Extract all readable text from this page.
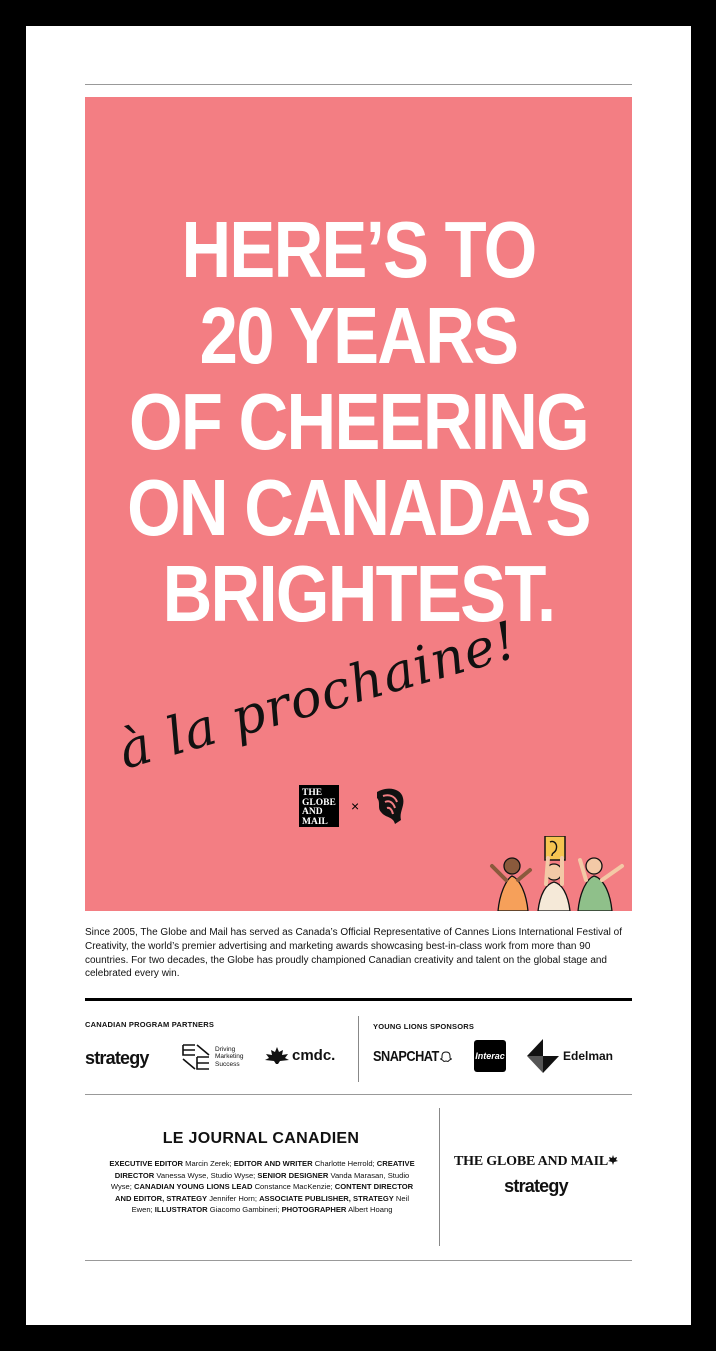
HERE’S TO
20 YEARS
OF CHEERING
ON CANADA’S
BRIGHTEST.
à la prochaine!
THE GLOBE AND MAIL
×
Since 2005, The Globe and Mail has served as Canada’s Official Representative of Cannes Lions International Festival of Creativity, the world’s premier advertising and marketing awards showcasing best-in-class work from more than 90 countries. For two decades, the Globe has proudly championed Canadian creativity and talent on the global stage and celebrated every win.
CANADIAN PROGRAM PARTNERS	YOUNG LIONS SPONSORS
strategy	Driving
Marketing
Success
cmdc.	SNAPCHAT	Interac	Edelman
LE JOURNAL CANADIEN
EXECUTIVE EDITOR Marcin Zerek; EDITOR AND WRITER Charlotte Herrold; CREATIVE DIRECTOR Vanessa Wyse, Studio Wyse; SENIOR DESIGNER Vanda Marasan, Studio Wyse; CANADIAN YOUNG LIONS LEAD Constance MacKenzie; CONTENT DIRECTOR AND EDITOR, STRATEGY Jennifer Horn; ASSOCIATE PUBLISHER, STRATEGY Neil Ewen; ILLUSTRATOR Giacomo Gambineri; PHOTOGRAPHER Albert Hoang
THE GLOBE AND MAIL
strategy
